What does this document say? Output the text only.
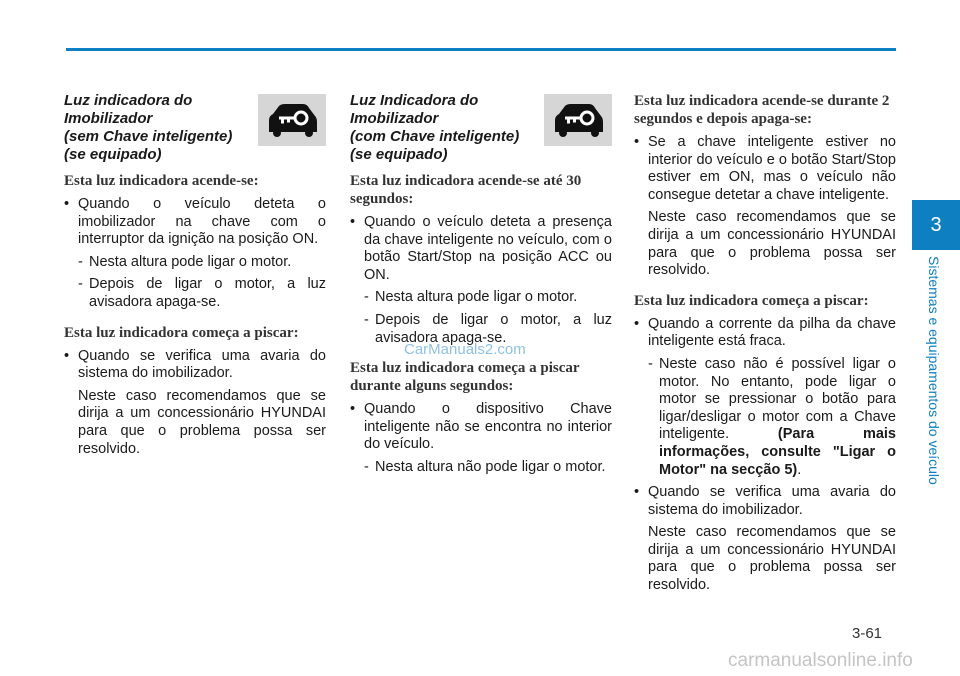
Luz indicadora do
Imobilizador
(sem Chave inteligente)
(se equipado)
Esta luz indicadora acende-se:
• Quando o veículo deteta o imobilizador na chave com o interruptor da ignição na posição ON.
- Nesta altura pode ligar o motor.
- Depois de ligar o motor, a luz avisadora apaga-se.
Esta luz indicadora começa a piscar:
• Quando se verifica uma avaria do sistema do imobilizador.
Neste caso recomendamos que se dirija a um concessionário HYUNDAI para que o problema possa ser resolvido.
Luz Indicadora do
Imobilizador
(com Chave inteligente)
(se equipado)
Esta luz indicadora acende-se até 30 segundos:
• Quando o veículo deteta a presença da chave inteligente no veículo, com o botão Start/Stop na posição ACC ou ON.
- Nesta altura pode ligar o motor.
- Depois de ligar o motor, a luz avisadora apaga-se.
Esta luz indicadora começa a piscar durante alguns segundos:
• Quando o dispositivo Chave inteligente não se encontra no interior do veículo.
- Nesta altura não pode ligar o motor.
Esta luz indicadora acende-se durante 2 segundos e depois apaga-se:
• Se a chave inteligente estiver no interior do veículo e o botão Start/Stop estiver em ON, mas o veículo não consegue detetar a chave inteligente.
Neste caso recomendamos que se dirija a um concessionário HYUNDAI para que o problema possa ser resolvido.
Esta luz indicadora começa a piscar:
• Quando a corrente da pilha da chave inteligente está fraca.
- Neste caso não é possível ligar o motor. No entanto, pode ligar o motor se pressionar o botão para ligar/desligar o motor com a Chave inteligente.	(Para mais informações, consulte "Ligar o Motor" na secção 5).
• Quando se verifica uma avaria do sistema do imobilizador.
Neste caso recomendamos que se dirija a um concessionário HYUNDAI para que o problema possa ser resolvido.
3
Sistemas e equipamentos do veículo
3-61
CarManuals2.com
carmanualsonline.info
